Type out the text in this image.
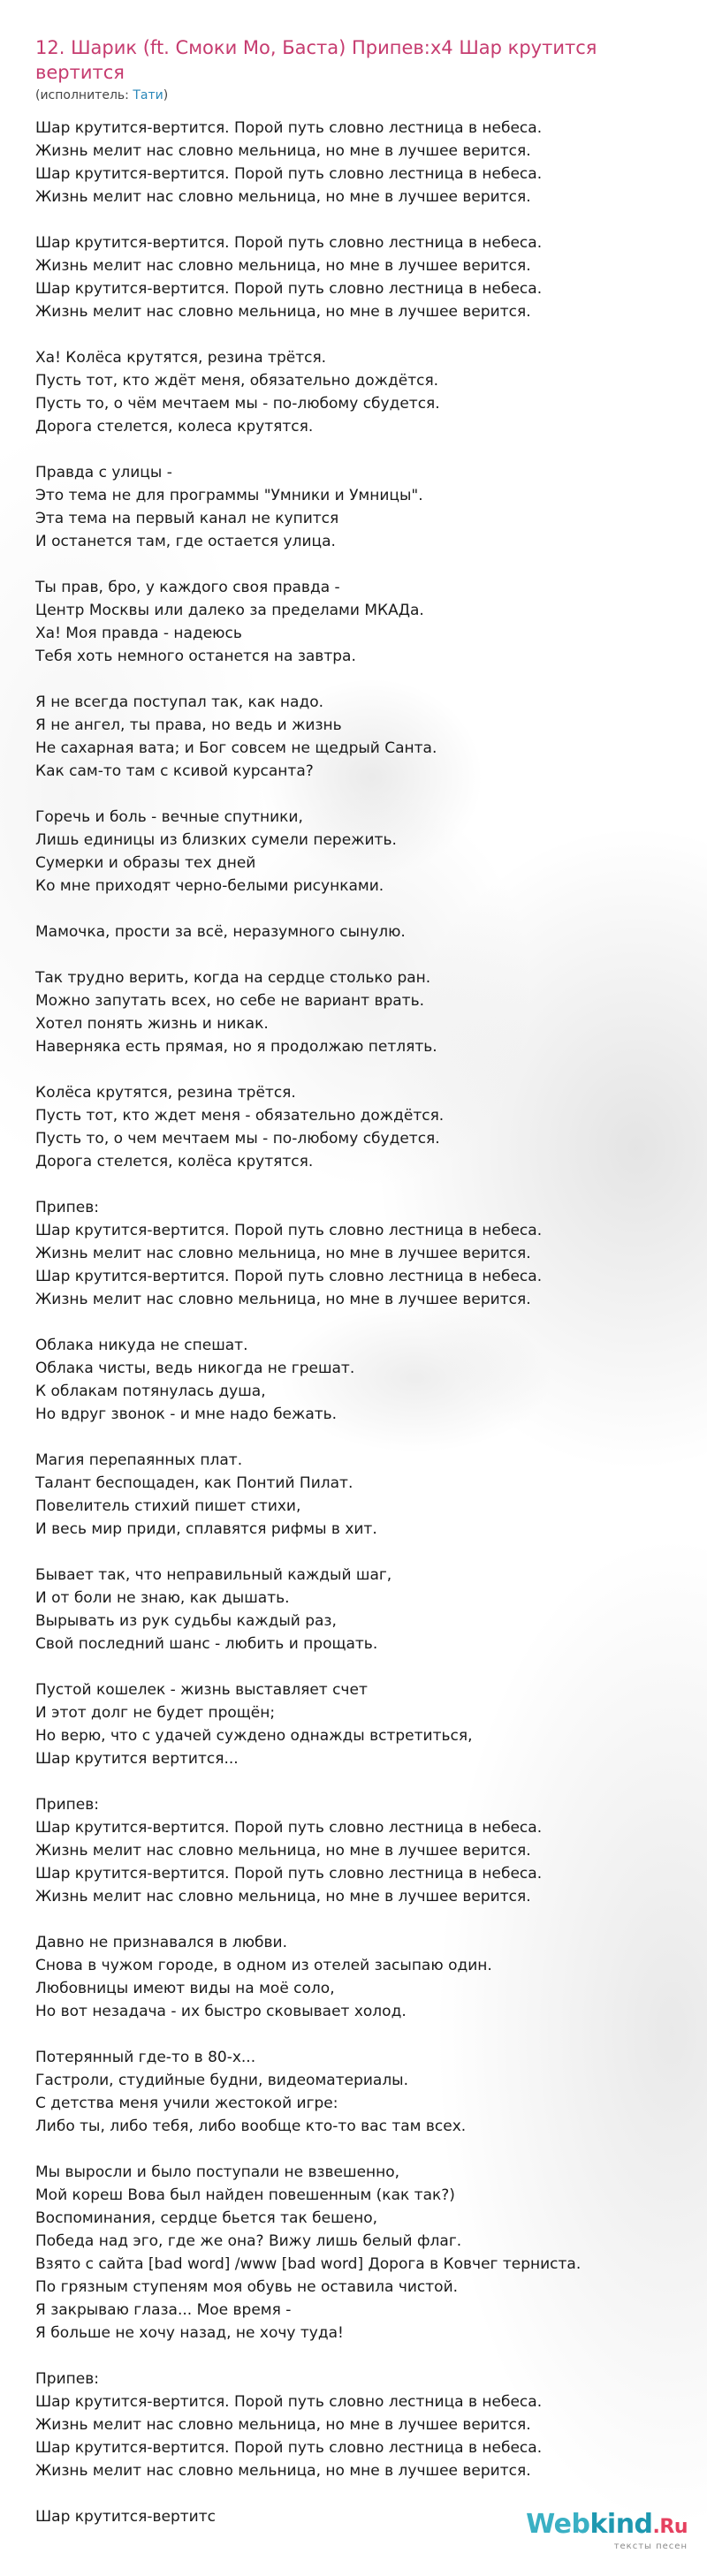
12. Шарик (ft. Смоки Мо, Баста) Припев:x4 Шар крутится вертится
(исполнитель: Тати)
Шар крутится-вертится. Порой путь словно лестница в небеса.
Жизнь мелит нас словно мельница, но мне в лучшее верится.
Шар крутится-вертится. Порой путь словно лестница в небеса.
Жизнь мелит нас словно мельница, но мне в лучшее верится.
Шар крутится-вертится. Порой путь словно лестница в небеса.
Жизнь мелит нас словно мельница, но мне в лучшее верится.
Шар крутится-вертится. Порой путь словно лестница в небеса.
Жизнь мелит нас словно мельница, но мне в лучшее верится.
Ха! Колёса крутятся, резина трётся.
Пусть тот, кто ждёт меня, обязательно дождётся.
Пусть то, о чём мечтаем мы - по-любому сбудется.
Дорога стелется, колеса крутятся.
Правда с улицы -
Это тема не для программы "Умники и Умницы".
Эта тема на первый канал не купится
И останется там, где остается улица.
Ты прав, бро, у каждого своя правда -
Центр Москвы или далеко за пределами МКАДа.
Ха! Моя правда - надеюсь
Тебя хоть немного останется на завтра.
Я не всегда поступал так, как надо.
Я не ангел, ты права, но ведь и жизнь
Не сахарная вата; и Бог совсем не щедрый Санта.
Как сам-то там с ксивой курсанта?
Горечь и боль - вечные спутники,
Лишь единицы из близких сумели пережить.
Сумерки и образы тех дней
Ко мне приходят черно-белыми рисунками.
Мамочка, прости за всё, неразумного сынулю.
Так трудно верить, когда на сердце столько ран.
Можно запутать всех, но себе не вариант врать.
Хотел понять жизнь и никак.
Наверняка есть прямая, но я продолжаю петлять.
Колёса крутятся, резина трётся.
Пусть тот, кто ждет меня - обязательно дождётся.
Пусть то, о чем мечтаем мы - по-любому сбудется.
Дорога стелется, колёса крутятся.
Припев:
Шар крутится-вертится. Порой путь словно лестница в небеса.
Жизнь мелит нас словно мельница, но мне в лучшее верится.
Шар крутится-вертится. Порой путь словно лестница в небеса.
Жизнь мелит нас словно мельница, но мне в лучшее верится.
Облака никуда не спешат.
Облака чисты, ведь никогда не грешат.
К облакам потянулась душа,
Но вдруг звонок - и мне надо бежать.
Магия перепаянных плат.
Талант беспощаден, как Понтий Пилат.
Повелитель стихий пишет стихи,
И весь мир приди, сплавятся рифмы в хит.
Бывает так, что неправильный каждый шаг,
И от боли не знаю, как дышать.
Вырывать из рук судьбы каждый раз,
Свой последний шанс - любить и прощать.
Пустой кошелек - жизнь выставляет счет
И этот долг не будет прощён;
Но верю, что с удачей суждено однажды встретиться,
Шар крутится вертится...
Припев:
Шар крутится-вертится. Порой путь словно лестница в небеса.
Жизнь мелит нас словно мельница, но мне в лучшее верится.
Шар крутится-вертится. Порой путь словно лестница в небеса.
Жизнь мелит нас словно мельница, но мне в лучшее верится.
Давно не признавался в любви.
Снова в чужом городе, в одном из отелей засыпаю один.
Любовницы имеют виды на моё соло,
Но вот незадача - их быстро сковывает холод.
Потерянный где-то в 80-х...
Гастроли, студийные будни, видеоматериалы.
С детства меня учили жестокой игре:
Либо ты, либо тебя, либо вообще кто-то вас там всех.
Мы выросли и было поступали не взвешенно,
Мой кореш Вова был найден повешенным (как так?)
Воспоминания, сердце бьется так бешено,
Победа над эго, где же она? Вижу лишь белый флаг.
Взято с сайта [bad word] /www [bad word] Дорога в Ковчег терниста.
По грязным ступеням моя обувь не оставила чистой.
Я закрываю глаза... Мое время -
Я больше не хочу назад, не хочу туда!
Припев:
Шар крутится-вертится. Порой путь словно лестница в небеса.
Жизнь мелит нас словно мельница, но мне в лучшее верится.
Шар крутится-вертится. Порой путь словно лестница в небеса.
Жизнь мелит нас словно мельница, но мне в лучшее верится.
Шар крутится-вертитс	Webkind.Ru
тексты песен
